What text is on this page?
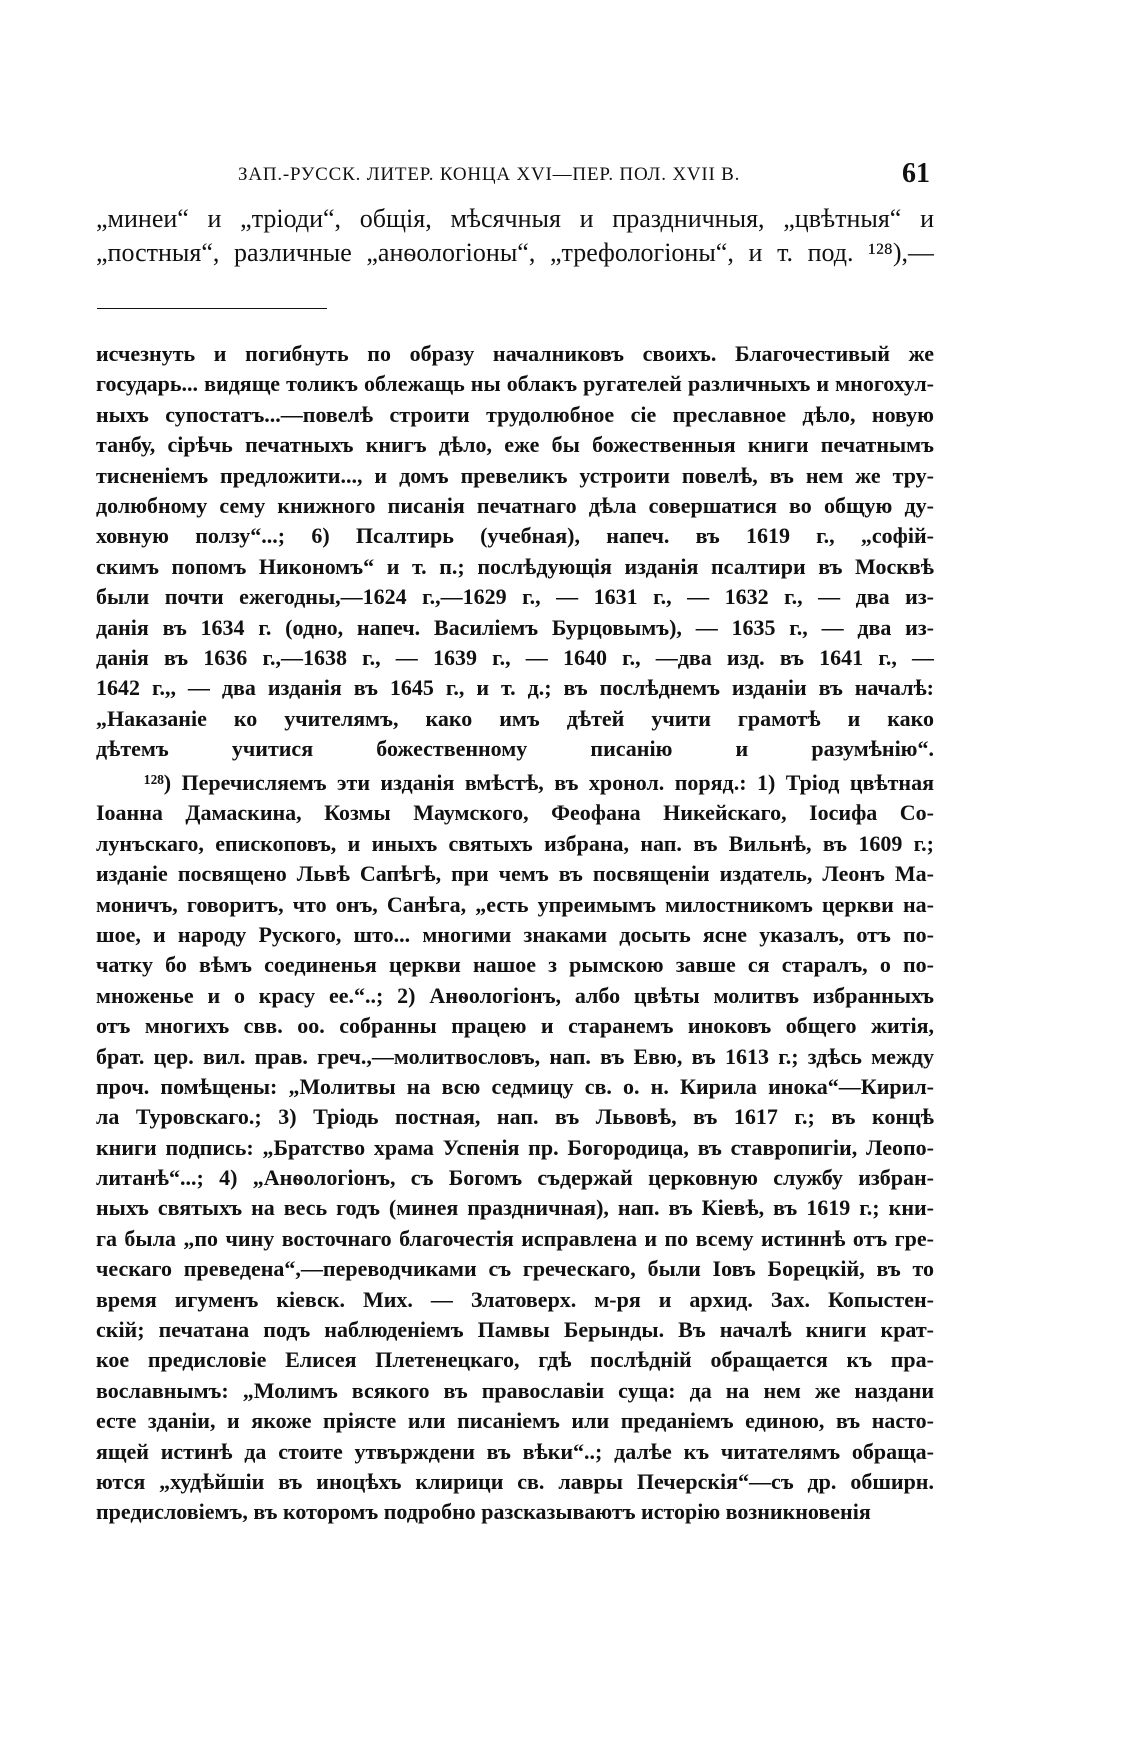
ЗАП.-РУССК. ЛИТЕР. КОНЦА XVI—ПЕР. ПОЛ. XVII В.	61
„минеи“ и „тріоди“, общія, мѣсячныя и праздничныя, „цвѣтныя“ и
„постныя“, различные „анѳологіоны“, „трефологіоны“, и т. под. ¹²⁸),—
исчезнуть и погибнуть по образу началниковъ своихъ. Благочестивый же
государь... видяще толикъ облежащь ны облакъ ругателей различныхъ и многохул-
ныхъ супостатъ...—повелѣ строити трудолюбное сіе преславное дѣло, новую
танбу, сірѣчь печатныхъ книгъ дѣло, еже бы божественныя книги печатнымъ
тисненіемъ предложити..., и домъ превеликъ устроити повелѣ, въ нем же тру-
долюбному сему книжного писанія печатнаго дѣла совершатися во общую ду-
ховную ползу“...; 6) Псалтирь (учебная), напеч. въ 1619 г., „софій-
скимъ попомъ Никономъ“ и т. п.; послѣдующія изданія псалтири въ Москвѣ
были почти ежегодны,—1624 г.,—1629 г., — 1631 г., — 1632 г., — два из-
данія въ 1634 г. (одно, напеч. Василіемъ Бурцовымъ), — 1635 г., — два из-
данія въ 1636 г.,—1638 г., — 1639 г., — 1640 г., —два изд. въ 1641 г., —
1642 г.,, — два изданія въ 1645 г., и т. д.; въ послѣднемъ изданіи въ началѣ:
„Наказаніе ко учителямъ, како имъ дѣтей учити грамотѣ и како
дѣтемъ учитися божественному писанію и разумѣнію“.
¹²⁸) Перечисляемъ эти изданія вмѣстѣ, въ хронол. поряд.: 1) Тріод цвѣтная
Іоанна Дамаскина, Козмы Маумского, Феофана Никейскаго, Іосифа Со-
лунъскаго, епископовъ, и иныхъ святыхъ избрана, нап. въ Вильнѣ, въ 1609 г.;
изданіе посвящено Львѣ Сапѣгѣ, при чемъ въ посвященіи издатель, Леонъ Ма-
моничъ, говоритъ, что онъ, Санѣга, „есть упреимымъ милостникомъ церкви на-
шое, и народу Руского, што... многими знаками досыть ясне указалъ, отъ по-
чатку бо вѣмъ соединенья церкви нашое з рымскою завше ся старалъ, о по-
множенье и о красу ее.“..; 2) Анѳологіонъ, албо цвѣты молитвъ избранныхъ
отъ многихъ свв. оо. собранны працею и старанемъ иноковъ общего житія,
брат. цер. вил. прав. греч.,—молитвословъ, нап. въ Евю, въ 1613 г.; здѣсь между
проч. помѣщены: „Молитвы на всю седмицу св. о. н. Кирила инока“—Кирил-
ла Туровскаго.; 3) Тріодь постная, нап. въ Львовѣ, въ 1617 г.; въ концѣ
книги подпись: „Братство храма Успенія пр. Богородица, въ ставропигіи, Леопо-
литанѣ“...; 4) „Анѳологіонъ, съ Богомъ съдержай церковную службу избран-
ныхъ святыхъ на весь годъ (минея праздничная), нап. въ Кіевѣ, въ 1619 г.; кни-
га была „по чину восточнаго благочестія исправлена и по всему истиннѣ отъ гре-
ческаго преведена“,—переводчиками съ греческаго, были Іовъ Борецкій, въ то
время игуменъ кіевск. Мих. — Златоверх. м-ря и архид. Зах. Копыстен-
скій; печатана подъ наблюденіемъ Памвы Берынды. Въ началѣ книги крат-
кое предисловіе Елисея Плетенецкаго, гдѣ послѣдній обращается къ пра-
вославнымъ: „Молимъ всякого въ православіи суща: да на нем же наздани
есте зданіи, и якоже пріясте или писаніемъ или преданіемъ единою, въ насто-
ящей истинѣ да стоите утвърждени въ вѣки“..; далѣе къ читателямъ обраща-
ются „худѣйшіи въ иноцѣхъ клирици св. лавры Печерскія“—съ др. обширн.
предисловіемъ, въ которомъ подробно разсказываютъ исторію возникновенія
